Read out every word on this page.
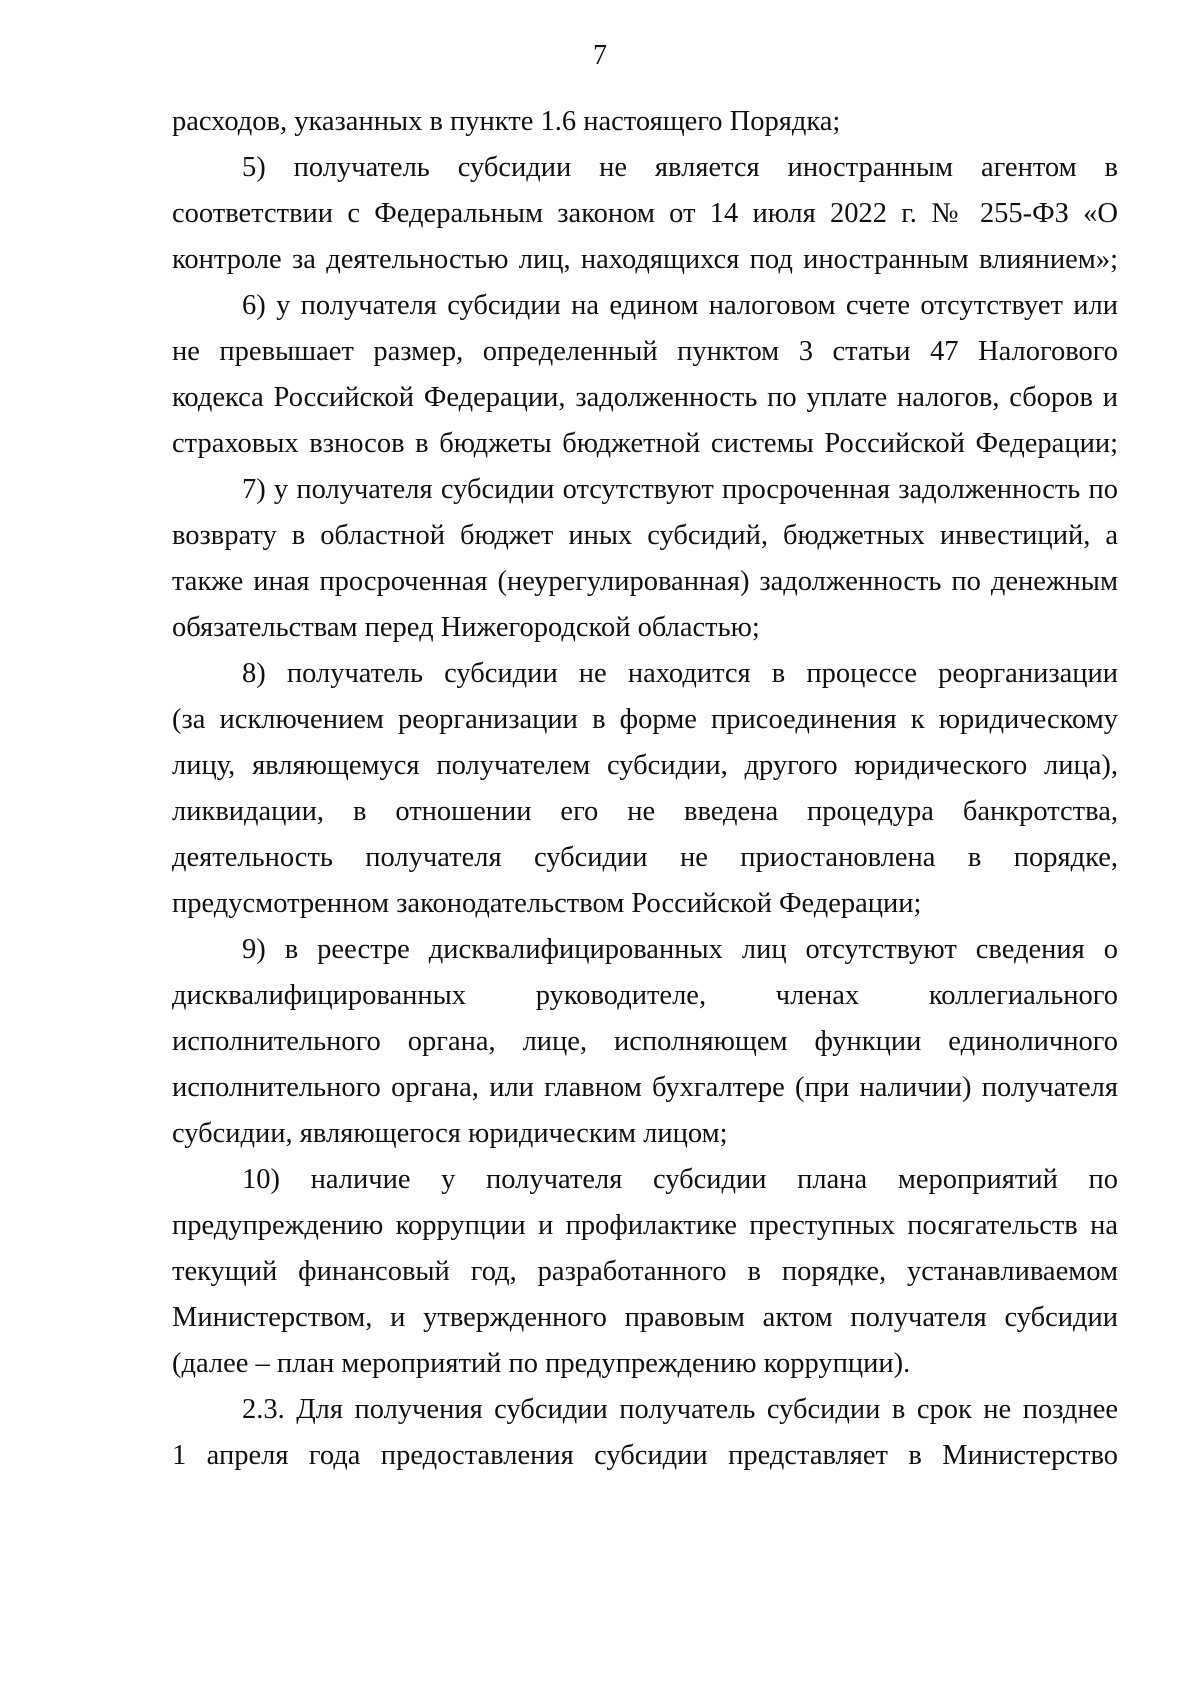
7
расходов, указанных в пункте 1.6 настоящего Порядка;
5) получатель субсидии не является иностранным агентом в
соответствии с Федеральным законом от 14 июля 2022 г. № 255-ФЗ «О
контроле за деятельностью лиц, находящихся под иностранным влиянием»;
6) у получателя субсидии на едином налоговом счете отсутствует или
не превышает размер, определенный пунктом 3 статьи 47 Налогового
кодекса Российской Федерации, задолженность по уплате налогов, сборов и
страховых взносов в бюджеты бюджетной системы Российской Федерации;
7) у получателя субсидии отсутствуют просроченная задолженность по
возврату в областной бюджет иных субсидий, бюджетных инвестиций, а
также иная просроченная (неурегулированная) задолженность по денежным
обязательствам перед Нижегородской областью;
8) получатель субсидии не находится в процессе реорганизации
(за исключением реорганизации в форме присоединения к юридическому
лицу, являющемуся получателем субсидии, другого юридического лица),
ликвидации, в отношении его не введена процедура банкротства,
деятельность получателя субсидии не приостановлена в порядке,
предусмотренном законодательством Российской Федерации;
9) в реестре дисквалифицированных лиц отсутствуют сведения о
дисквалифицированных руководителе, членах коллегиального
исполнительного органа, лице, исполняющем функции единоличного
исполнительного органа, или главном бухгалтере (при наличии) получателя
субсидии, являющегося юридическим лицом;
10) наличие у получателя субсидии плана мероприятий по
предупреждению коррупции и профилактике преступных посягательств на
текущий финансовый год, разработанного в порядке, устанавливаемом
Министерством, и утвержденного правовым актом получателя субсидии
(далее – план мероприятий по предупреждению коррупции).
2.3. Для получения субсидии получатель субсидии в срок не позднее
1 апреля года предоставления субсидии представляет в Министерство
